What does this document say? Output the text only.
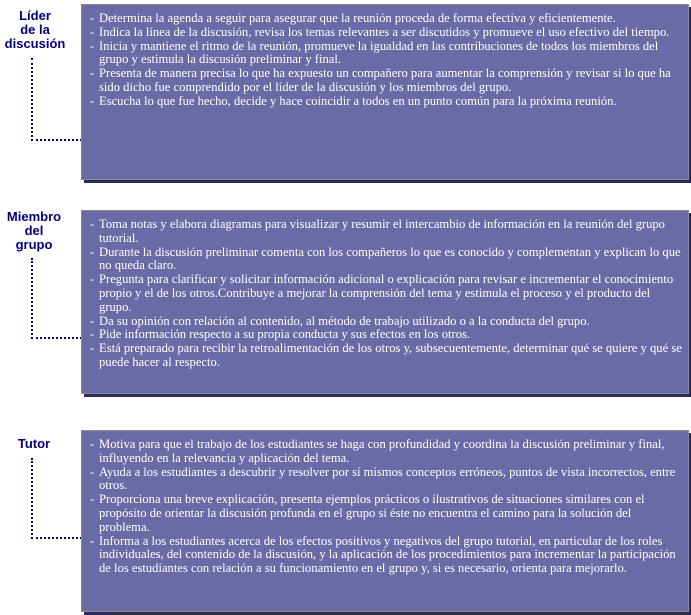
Líder
de la
discusión
- Determina la agenda a seguir para asegurar que la reunión proceda de forma efectiva y eficientemente.
- Indica la línea de la discusión, revisa los temas relevantes a ser discutidos y promueve el uso efectivo del tiempo.
- Inicia y mantiene el ritmo de la reunión, promueve la igualdad en las contribuciones de todos los miembros del grupo y estimula la discusión preliminar y final.
- Presenta de manera precisa lo que ha expuesto un compañero para aumentar la comprensión y revisar si lo que ha sido dicho fue comprendido por el líder de la discusión y los miembros del grupo.
- Escucha lo que fue hecho, decide y hace coincidir a todos en un punto común para la próxima reunión.
Miembro
del
grupo
- Toma notas y elabora diagramas para visualizar y resumir el intercambio de información en la reunión del grupo tutorial.
- Durante la discusión preliminar comenta con los compañeros lo que es conocido y complementan y explican lo que no queda claro.
- Pregunta para clarificar y solicitar información adicional o explicación para revisar e incrementar el conocimiento propio y el de los otros.Contribuye a mejorar la comprensión del tema y estimula el proceso y el producto del grupo.
- Da su opinión con relación al contenido, al método de trabajo utilizado o a la conducta del grupo.
- Pide información respecto a su propia conducta y sus efectos en los otros.
- Está preparado para recibir la retroalimentación de los otros y, subsecuentemente, determinar qué se quiere y qué se puede hacer al respecto.
Tutor	- Motiva para que el trabajo de los estudiantes se haga con profundidad y coordina la discusión preliminar y final, influyendo en la relevancia y aplicación del tema.
- Ayuda a los estudiantes a descubrir y resolver por sí mismos conceptos erróneos, puntos de vista incorrectos, entre otros.
- Proporciona una breve explicación, presenta ejemplos prácticos o ilustrativos de situaciones similares con el propósito de orientar la discusión profunda en el grupo si éste no encuentra el camino para la solución del problema.
- Informa a los estudiantes acerca de los efectos positivos y negativos del grupo tutorial, en particular de los roles individuales, del contenido de la discusión, y la aplicación de los procedimientos para incrementar la participación de los estudiantes con relación a su funcionamiento en el grupo y, si es necesario, orienta para mejorarlo.
